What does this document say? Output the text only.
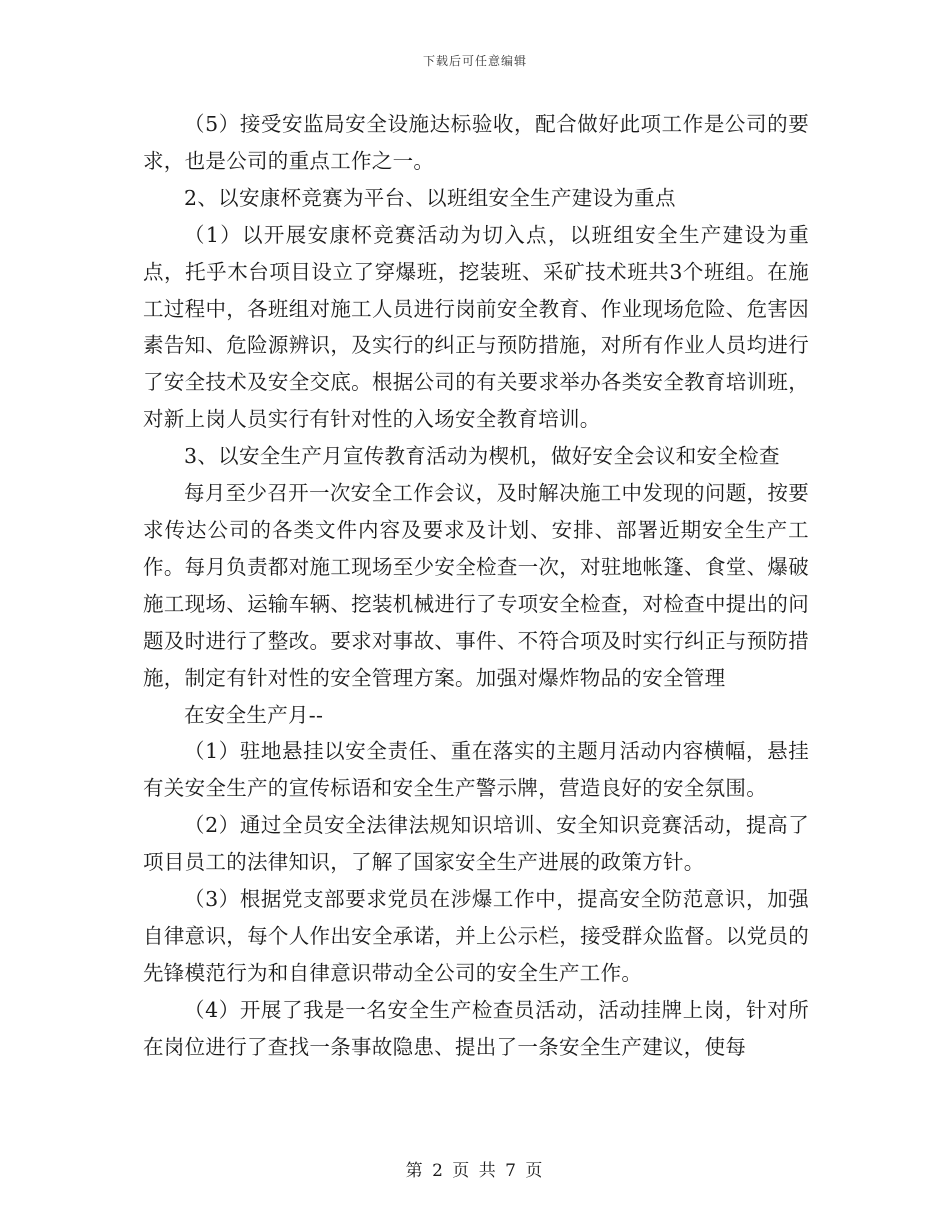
下载后可任意编辑

（5）接受安监局安全设施达标验收，配合做好此项工作是公司的要求，也是公司的重点工作之一。

2、以安康杯竞赛为平台、以班组安全生产建设为重点

（1）以开展安康杯竞赛活动为切入点，以班组安全生产建设为重点，托乎木台项目设立了穿爆班，挖装班、采矿技术班共3个班组。在施工过程中，各班组对施工人员进行岗前安全教育、作业现场危险、危害因素告知、危险源辨识，及实行的纠正与预防措施，对所有作业人员均进行了安全技术及安全交底。根据公司的有关要求举办各类安全教育培训班，对新上岗人员实行有针对性的入场安全教育培训。

3、以安全生产月宣传教育活动为楔机，做好安全会议和安全检查

每月至少召开一次安全工作会议，及时解决施工中发现的问题，按要求传达公司的各类文件内容及要求及计划、安排、部署近期安全生产工作。每月负责都对施工现场至少安全检查一次，对驻地帐篷、食堂、爆破施工现场、运输车辆、挖装机械进行了专项安全检查，对检查中提出的问题及时进行了整改。要求对事故、事件、不符合项及时实行纠正与预防措施，制定有针对性的安全管理方案。加强对爆炸物品的安全管理

在安全生产月--

（1）驻地悬挂以安全责任、重在落实的主题月活动内容横幅，悬挂有关安全生产的宣传标语和安全生产警示牌，营造良好的安全氛围。

（2）通过全员安全法律法规知识培训、安全知识竞赛活动，提高了项目员工的法律知识，了解了国家安全生产进展的政策方针。

（3）根据党支部要求党员在涉爆工作中，提高安全防范意识，加强自律意识，每个人作出安全承诺，并上公示栏，接受群众监督。以党员的先锋模范行为和自律意识带动全公司的安全生产工作。

（4）开展了我是一名安全生产检查员活动，活动挂牌上岗，针对所在岗位进行了查找一条事故隐患、提出了一条安全生产建议，使每

第 2 页 共 7 页
